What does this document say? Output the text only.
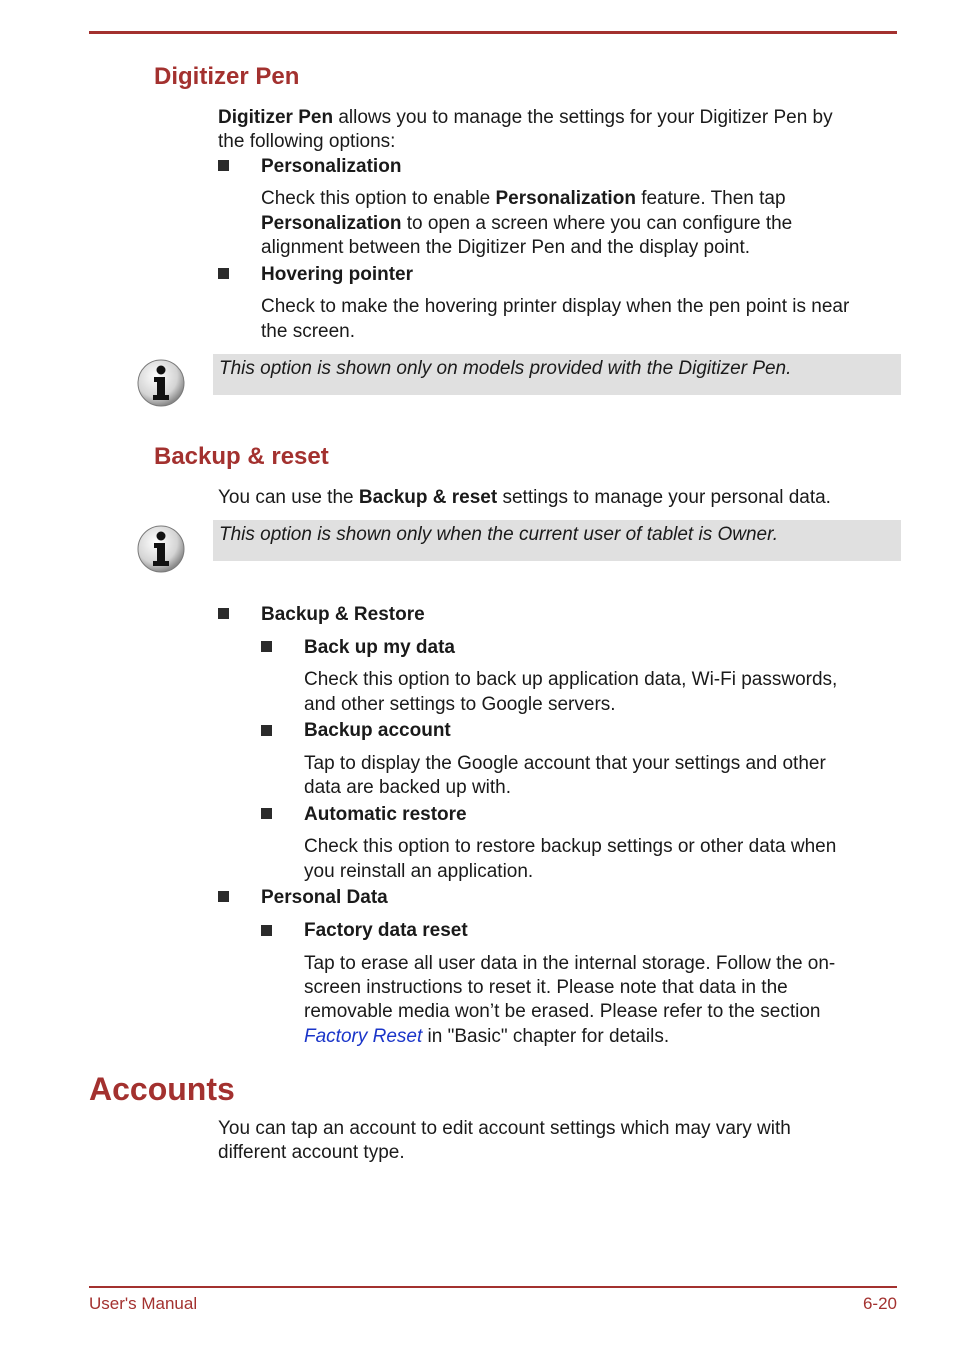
Digitizer Pen

Digitizer Pen allows you to manage the settings for your Digitizer Pen by

the following options:

Personalization

Check this option to enable Personalization feature. Then tap

Personalization to open a screen where you can configure the

alignment between the Digitizer Pen and the display point.

Hovering pointer

Check to make the hovering printer display when the pen point is near

the screen.

This option is shown only on models provided with the Digitizer Pen.
Backup & reset

You can use the Backup & reset settings to manage your personal data.

This option is shown only when the current user of tablet is Owner.

Backup & Restore

Back up my data

Check this option to back up application data, Wi-Fi passwords,

and other settings to Google servers.

Backup account

Tap to display the Google account that your settings and other

data are backed up with.

Automatic restore

Check this option to restore backup settings or other data when

you reinstall an application.

Personal Data

Factory data reset

Tap to erase all user data in the internal storage. Follow the on-

screen instructions to reset it. Please note that data in the

removable media won’t be erased. Please refer to the section

Factory Reset in "Basic" chapter for details.

Accounts

You can tap an account to edit account settings which may vary with

different account type.

User's Manual	6-20
